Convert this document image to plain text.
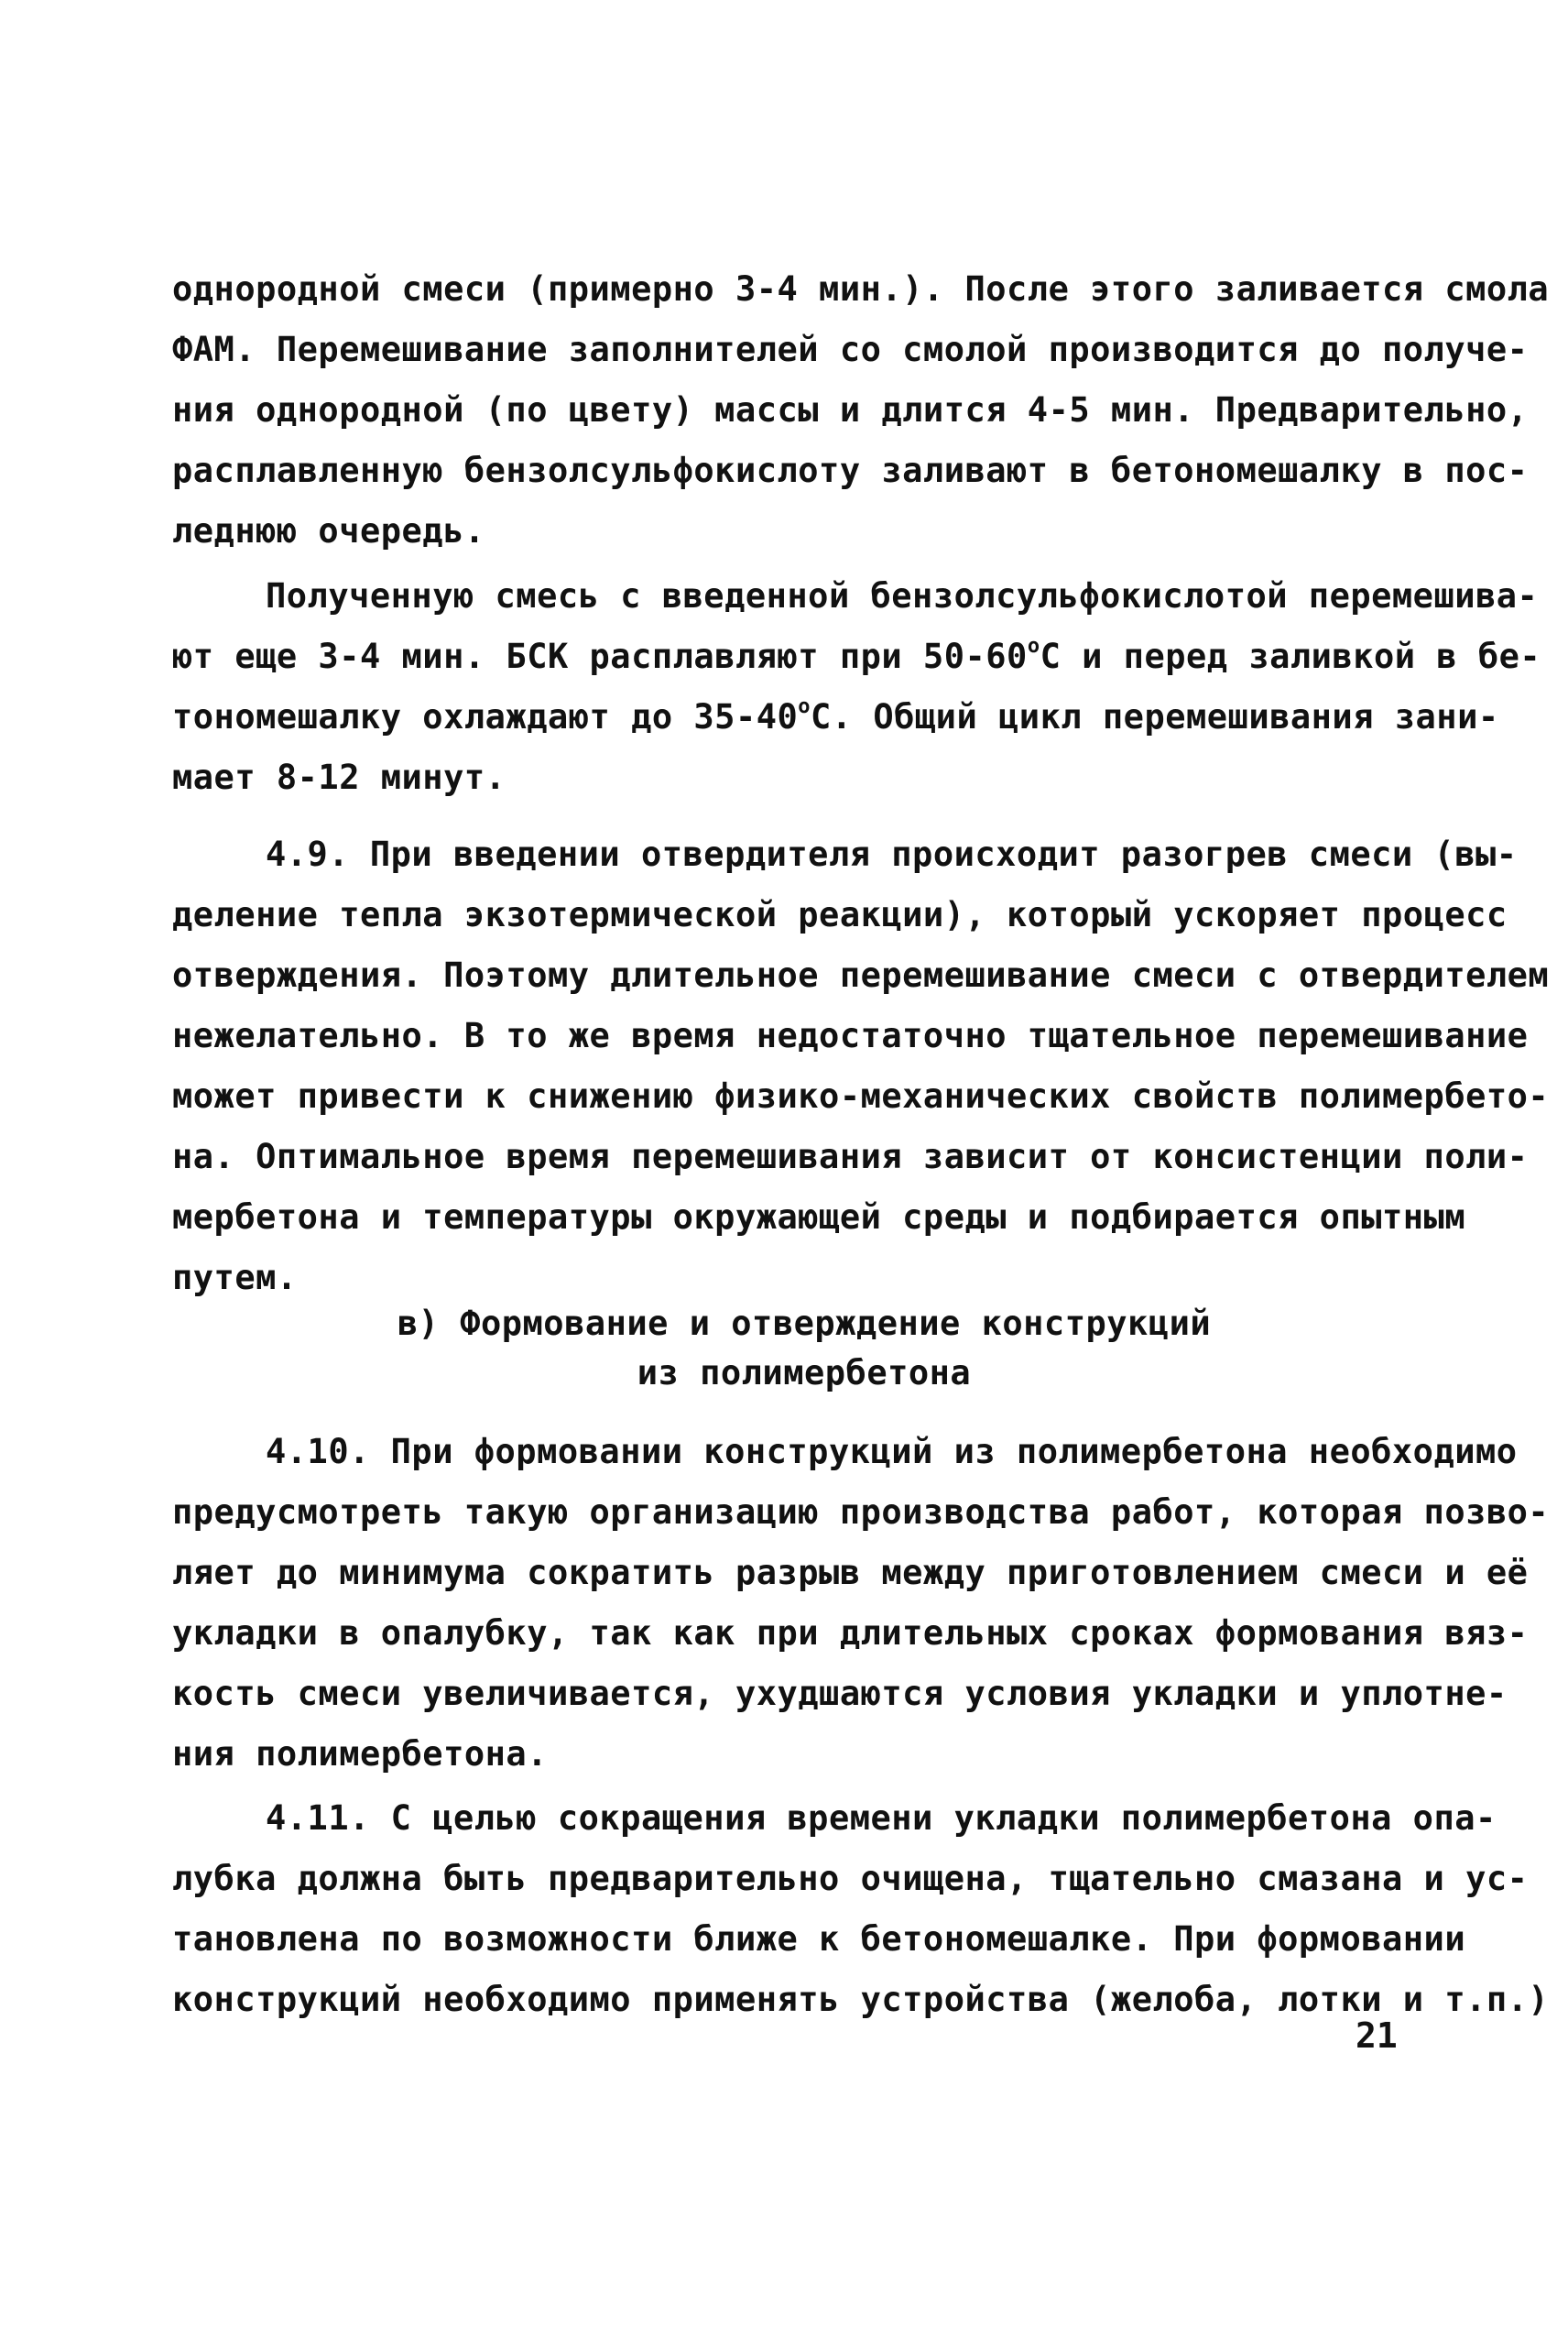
однородной смеси (примерно 3-4 мин.). После этого заливается смола
ФАМ. Перемешивание заполнителей со смолой производится до получе-
ния однородной (по цвету) массы и длится 4-5 мин. Предварительно,
расплавленную бензолсульфокислоту заливают в бетономешалку в пос-
леднюю очередь.
Полученную смесь с введенной бензолсульфокислотой перемешива-
ют еще 3-4 мин. БСК расплавляют при 50-60$^o$С и перед заливкой в бе-
тономешалку охлаждают до 35-40$^o$С. Общий цикл перемешивания зани-
мает 8-12 минут.
4.9. При введении отвердителя происходит разогрев смеси (вы-
деление тепла экзотермической реакции), который ускоряет процесс
отверждения. Поэтому длительное перемешивание смеси с отвердителем
нежелательно. В то же время недостаточно тщательное перемешивание
может привести к снижению физико-механических свойств полимербето-
на. Оптимальное время перемешивания зависит от консистенции поли-
мербетона и температуры окружающей среды и подбирается опытным
путем.
в) Формование и отверждение конструкций
из полимербетона
4.10. При формовании конструкций из полимербетона необходимо
предусмотреть такую организацию производства работ, которая позво-
ляет до минимума сократить разрыв между приготовлением смеси и её
укладки в опалубку, так как при длительных сроках формования вяз-
кость смеси увеличивается, ухудшаются условия укладки и уплотне-
ния полимербетона.
4.11. С целью сокращения времени укладки полимербетона опа-
лубка должна быть предварительно очищена, тщательно смазана и ус-
тановлена по возможности ближе к бетономешалке. При формовании
конструкций необходимо применять устройства (желоба, лотки и т.п.)
21
